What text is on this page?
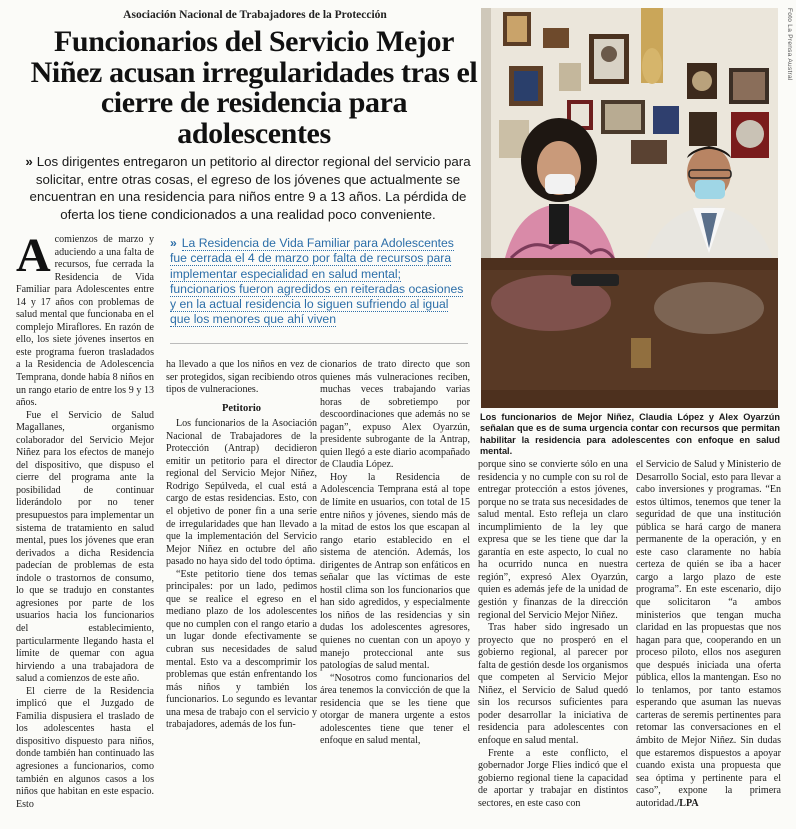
Asociación Nacional de Trabajadores de la Protección
Funcionarios del Servicio Mejor Niñez acusan irregularidades tras el cierre de residencia para adolescentes
» Los dirigentes entregaron un petitorio al director regional del servicio para solicitar, entre otras cosas, el egreso de los jóvenes que actualmente se encuentran en una residencia para niños entre 9 a 13 años. La pérdida de oferta los tiene condicionados a una realidad poco conveniente.
A comienzos de marzo y aduciendo a una falta de recursos, fue cerrada la Residencia de Vida Familiar para Adolescentes entre 14 y 17 años con problemas de salud mental que funcionaba en el complejo Miraflores. En razón de ello, los siete jóvenes insertos en este programa fueron trasladados a la Residencia de Adolescencia Temprana, donde había 8 niños en un rango etario de entre los 9 y 13 años.

Fue el Servicio de Salud Magallanes, organismo colaborador del Servicio Mejor Niñez para los efectos de manejo del dispositivo, que dispuso el cierre del programa ante la posibilidad de continuar liderándolo por no tener presupuestos para implementar un sistema de tratamiento en salud mental, pues los jóvenes que eran derivados a dicha Residencia padecían de problemas de esta índole o trastornos de consumo, lo que se tradujo en constantes agresiones por parte de los usuarios hacia los funcionarios del establecimiento, particularmente llegando hasta el límite de quemar con agua hirviendo a una trabajadora de salud a comienzos de este año.

El cierre de la Residencia implicó que el Juzgado de Familia dispusiera el traslado de los adolescentes hasta el dispositivo dispuesto para niños, donde también han continuado las agresiones a funcionarios, como también en algunos casos a los niños que habitan en este espacio. Esto

» La Residencia de Vida Familiar para Adolescentes fue cerrada el 4 de marzo por falta de recursos para implementar especialidad en salud mental; funcionarios fueron agredidos en reiteradas ocasiones y en la actual residencia lo siguen sufriendo al igual que los menores que ahí viven

ha llevado a que los niños en vez de ser protegidos, sigan recibiendo otros tipos de vulneraciones.

Petitorio

Los funcionarios de la Asociación Nacional de Trabajadores de la Protección (Antrap) decidieron emitir un petitorio para el director regional del Servicio Mejor Niñez, Rodrigo Sepúlveda, el cual está a cargo de estas residencias. Esto, con el objetivo de poner fin a una serie de irregularidades que han llevado a que la implementación del Servicio Mejor Niñez en octubre del año pasado no haya sido del todo óptima.

“Este petitorio tiene dos temas principales: por un lado, pedimos que se realice el egreso en el mediano plazo de los adolescentes que no cumplen con el rango etario a un lugar donde efectivamente se cubran sus necesidades de salud mental. Esto va a descomprimir los problemas que están enfrentando los más niños y también los funcionarios. Lo segundo es levantar una mesa de trabajo con el servicio y trabajadores, además de los fun-

cionarios de trato directo que son quienes más vulneraciones reciben, muchas veces trabajando varias horas de sobretiempo por descoordinaciones que además no se pagan”, expuso Alex Oyarzún, presidente subrogante de la Antrap, quien llegó a este diario acompañado de Claudia López.

Hoy la Residencia de Adolescencia Temprana está al tope de límite en usuarios, con total de 15 entre niños y jóvenes, siendo más de la mitad de estos los que escapan al rango etario establecido en el sistema de atención. Además, los dirigentes de Antrap son enfáticos en señalar que las víctimas de este hostil clima son los funcionarios que han sido agredidos, y especialmente los niños de las residencias y sin dudas los adolescentes agresores, quienes no cuentan con un apoyo y manejo proteccional ante sus patologías de salud mental.

“Nosotros como funcionarios del área tenemos la convicción de que la residencia que se les tiene que otorgar de manera urgente a estos adolescentes tiene que tener el enfoque en salud mental,

Foto La Prensa Austral
Los funcionarios de Mejor Niñez, Claudia López y Alex Oyarzún señalan que es de suma urgencia contar con recursos que permitan habilitar la residencia para adolescentes con enfoque en salud mental.

porque sino se convierte sólo en una residencia y no cumple con su rol de entregar protección a estos jóvenes, porque no se trata sus necesidades de salud mental. Esto refleja un claro incumplimiento de la ley que expresa que se les tiene que dar la garantía en este aspecto, lo cual no ha ocurrido nunca en nuestra región”, expresó Alex Oyarzún, quien es además jefe de la unidad de gestión y finanzas de la dirección regional del Servicio Mejor Niñez.

Tras haber sido ingresado un proyecto que no prosperó en el gobierno regional, al parecer por falta de gestión desde los organismos que competen al Servicio Mejor Niñez, el Servicio de Salud quedó sin los recursos suficientes para poder desarrollar la iniciativa de residencia para adolescentes con enfoque en salud mental.

Frente a este conflicto, el gobernador Jorge Flies indicó que el gobierno regional tiene la capacidad de aportar y trabajar en distintos sectores, en este caso con

el Servicio de Salud y Ministerio de Desarrollo Social, esto para llevar a cabo inversiones y programas. “En estos últimos, tenemos que tener la seguridad de que una institución pública se hará cargo de manera permanente de la operación, y en este caso claramente no había certeza de quién se iba a hacer cargo a largo plazo de este programa”. En este escenario, dijo que solicitaron “a ambos ministerios que tengan mucha claridad en las propuestas que nos hagan para que, cooperando en un proceso piloto, ellos nos aseguren que después iniciada una oferta pública, ellos la mantengan. Eso no lo tenlamos, por tanto estamos esperando que asuman las nuevas carteras de seremis pertinentes para retomar las conversaciones en el ámbito de Mejor Niñez. Sin dudas que estaremos dispuestos a apoyar cuando exista una propuesta que sea óptima y pertinente para el caso”, expone la primera autoridad./LPA
